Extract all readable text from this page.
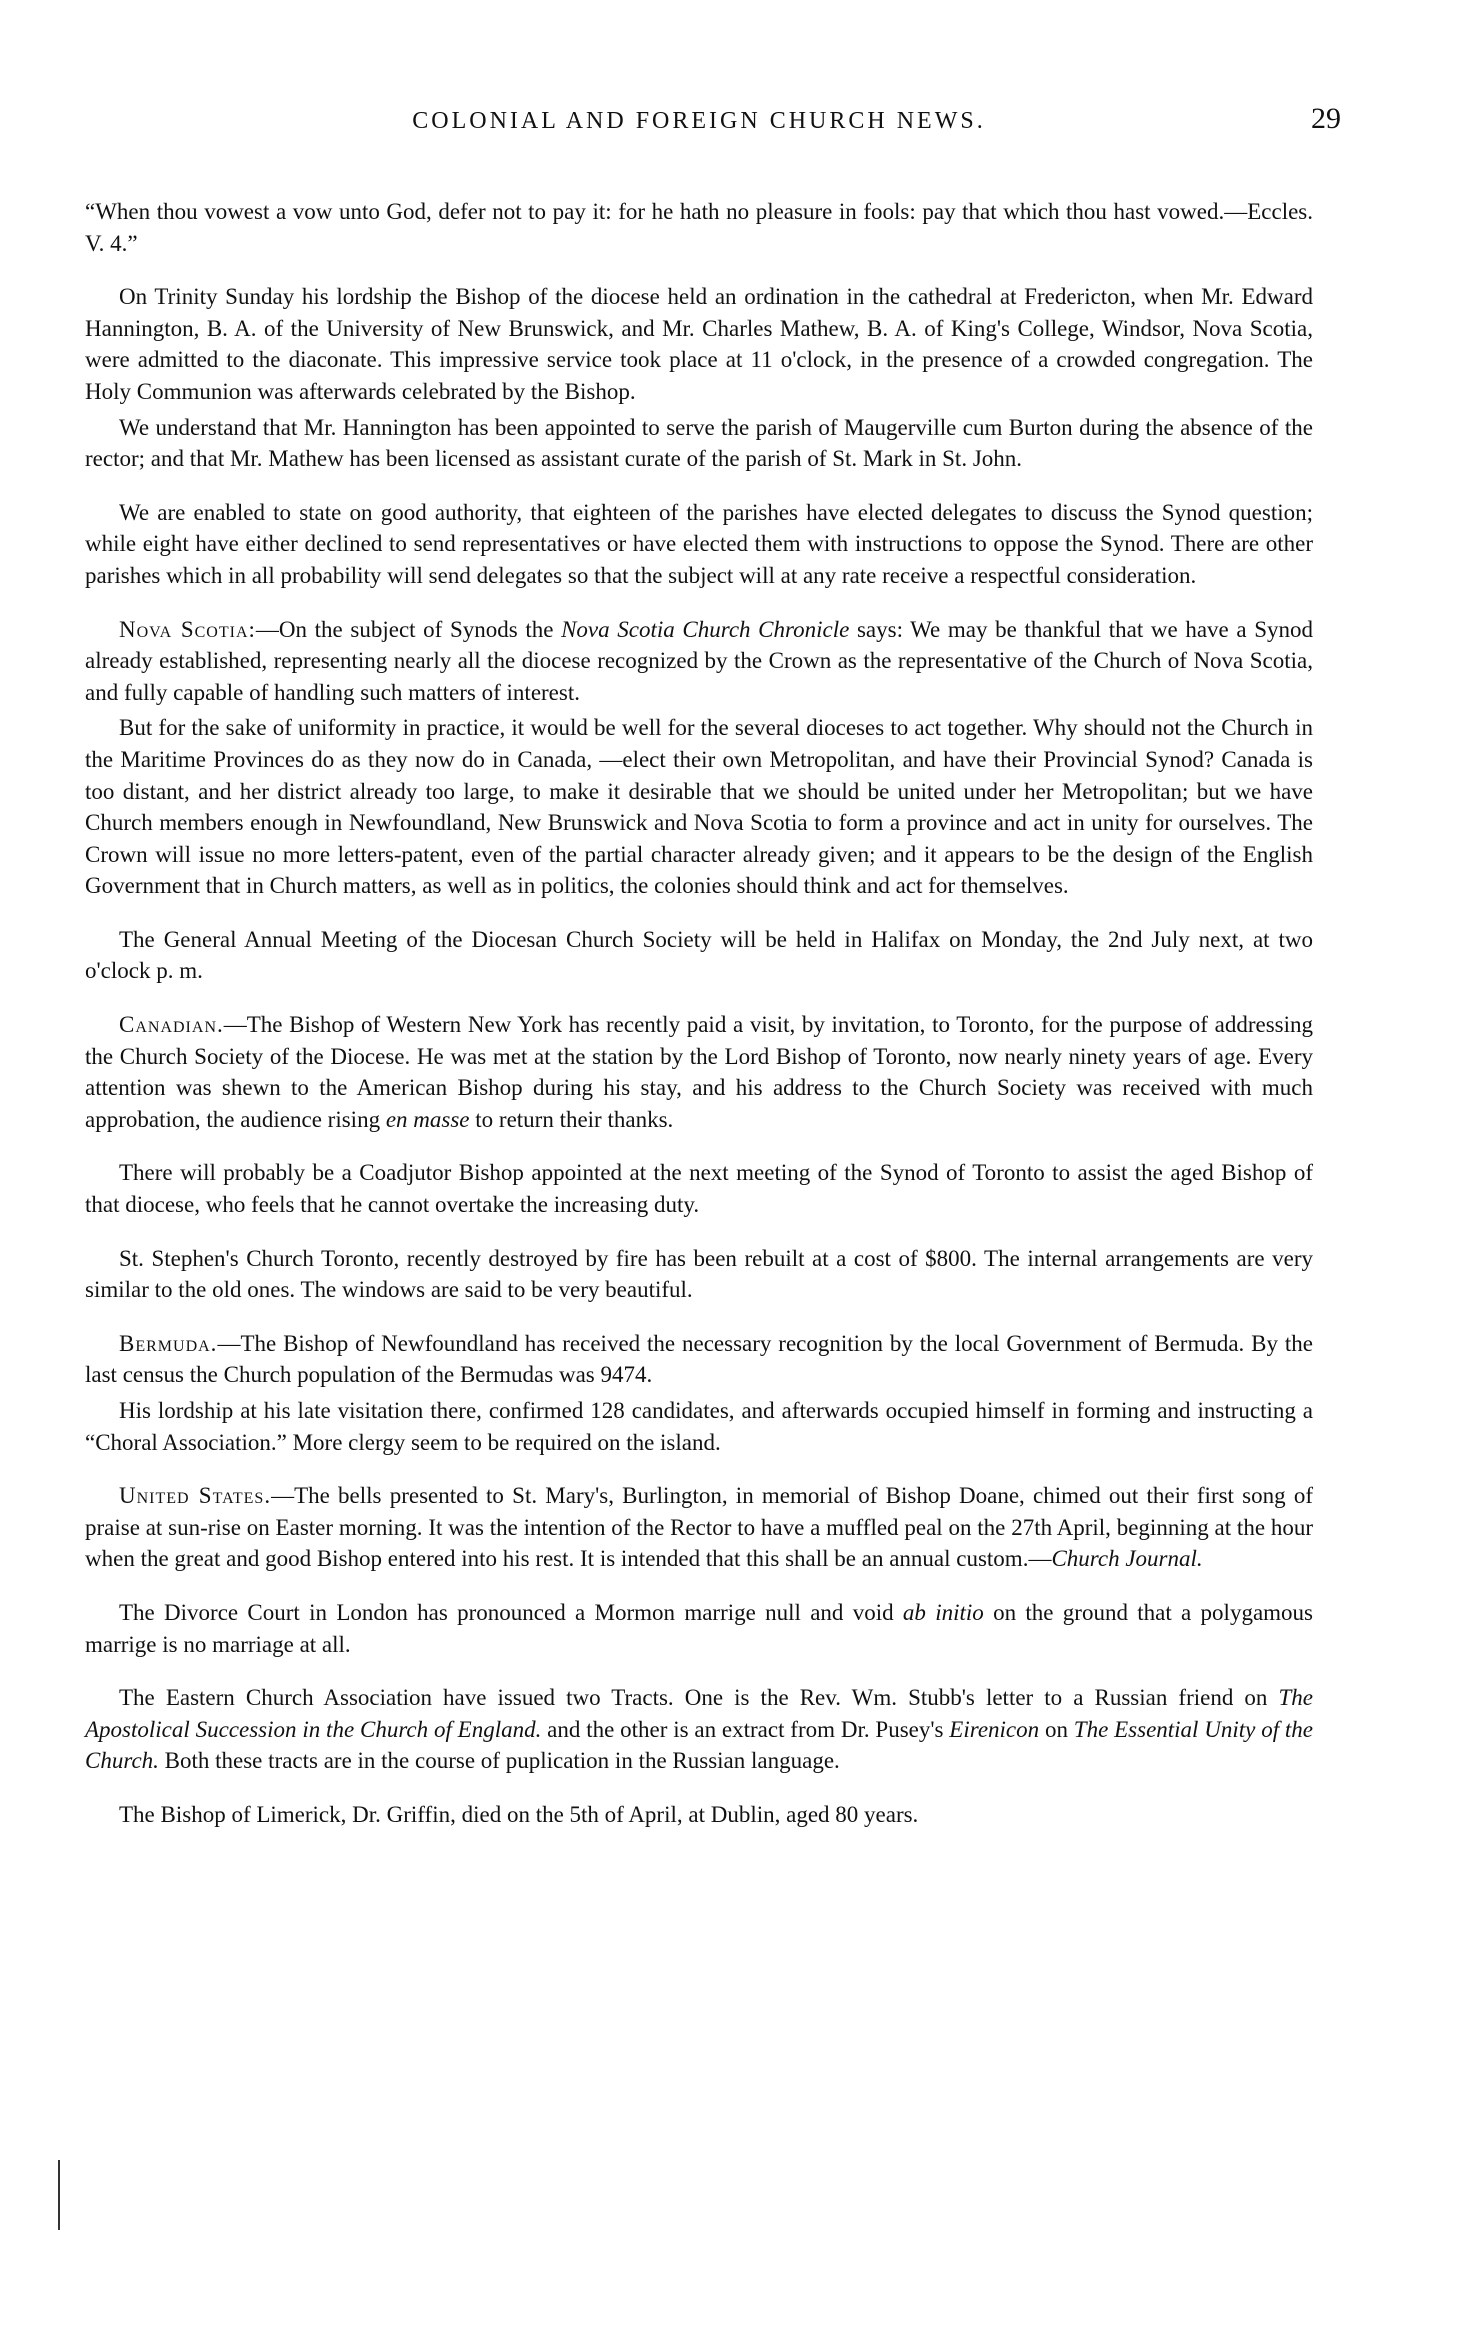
COLONIAL AND FOREIGN CHURCH NEWS.	29

“When thou vowest a vow unto God, defer not to pay it: for he hath no pleasure in fools: pay that which thou hast vowed.—Eccles. V. 4.”

On Trinity Sunday his lordship the Bishop of the diocese held an ordination in the cathedral at Fredericton, when Mr. Edward Hannington, B. A. of the University of New Brunswick, and Mr. Charles Mathew, B. A. of King's College, Windsor, Nova Scotia, were admitted to the diaconate. This impressive service took place at 11 o'clock, in the presence of a crowded congregation. The Holy Communion was afterwards celebrated by the Bishop.

We understand that Mr. Hannington has been appointed to serve the parish of Maugerville cum Burton during the absence of the rector; and that Mr. Mathew has been licensed as assistant curate of the parish of St. Mark in St. John.

We are enabled to state on good authority, that eighteen of the parishes have elected delegates to discuss the Synod question; while eight have either declined to send representatives or have elected them with instructions to oppose the Synod. There are other parishes which in all probability will send delegates so that the subject will at any rate receive a respectful consideration.

Nova Scotia:—On the subject of Synods the Nova Scotia Church Chronicle says: We may be thankful that we have a Synod already established, representing nearly all the diocese recognized by the Crown as the representative of the Church of Nova Scotia, and fully capable of handling such matters of interest.

But for the sake of uniformity in practice, it would be well for the several dioceses to act together. Why should not the Church in the Maritime Provinces do as they now do in Canada, —elect their own Metropolitan, and have their Provincial Synod? Canada is too distant, and her district already too large, to make it desirable that we should be united under her Metropolitan; but we have Church members enough in Newfoundland, New Brunswick and Nova Scotia to form a province and act in unity for ourselves. The Crown will issue no more letters-patent, even of the partial character already given; and it appears to be the design of the English Government that in Church matters, as well as in politics, the colonies should think and act for themselves.

The General Annual Meeting of the Diocesan Church Society will be held in Halifax on Monday, the 2nd July next, at two o'clock p. m.

Canadian.—The Bishop of Western New York has recently paid a visit, by invitation, to Toronto, for the purpose of addressing the Church Society of the Diocese. He was met at the station by the Lord Bishop of Toronto, now nearly ninety years of age. Every attention was shewn to the American Bishop during his stay, and his address to the Church Society was received with much approbation, the audience rising en masse to return their thanks.

There will probably be a Coadjutor Bishop appointed at the next meeting of the Synod of Toronto to assist the aged Bishop of that diocese, who feels that he cannot overtake the increasing duty.

St. Stephen's Church Toronto, recently destroyed by fire has been rebuilt at a cost of $800. The internal arrangements are very similar to the old ones. The windows are said to be very beautiful.

Bermuda.—The Bishop of Newfoundland has received the necessary recognition by the local Government of Bermuda. By the last census the Church population of the Bermudas was 9474.

His lordship at his late visitation there, confirmed 128 candidates, and afterwards occupied himself in forming and instructing a “Choral Association.” More clergy seem to be required on the island.

United States.—The bells presented to St. Mary's, Burlington, in memorial of Bishop Doane, chimed out their first song of praise at sun-rise on Easter morning. It was the intention of the Rector to have a muffled peal on the 27th April, beginning at the hour when the great and good Bishop entered into his rest. It is intended that this shall be an annual custom.—Church Journal.

The Divorce Court in London has pronounced a Mormon marrige null and void ab initio on the ground that a polygamous marrige is no marriage at all.

The Eastern Church Association have issued two Tracts. One is the Rev. Wm. Stubb's letter to a Russian friend on The Apostolical Succession in the Church of England. and the other is an extract from Dr. Pusey's Eirenicon on The Essential Unity of the Church. Both these tracts are in the course of puplication in the Russian language.

The Bishop of Limerick, Dr. Griffin, died on the 5th of April, at Dublin, aged 80 years.
